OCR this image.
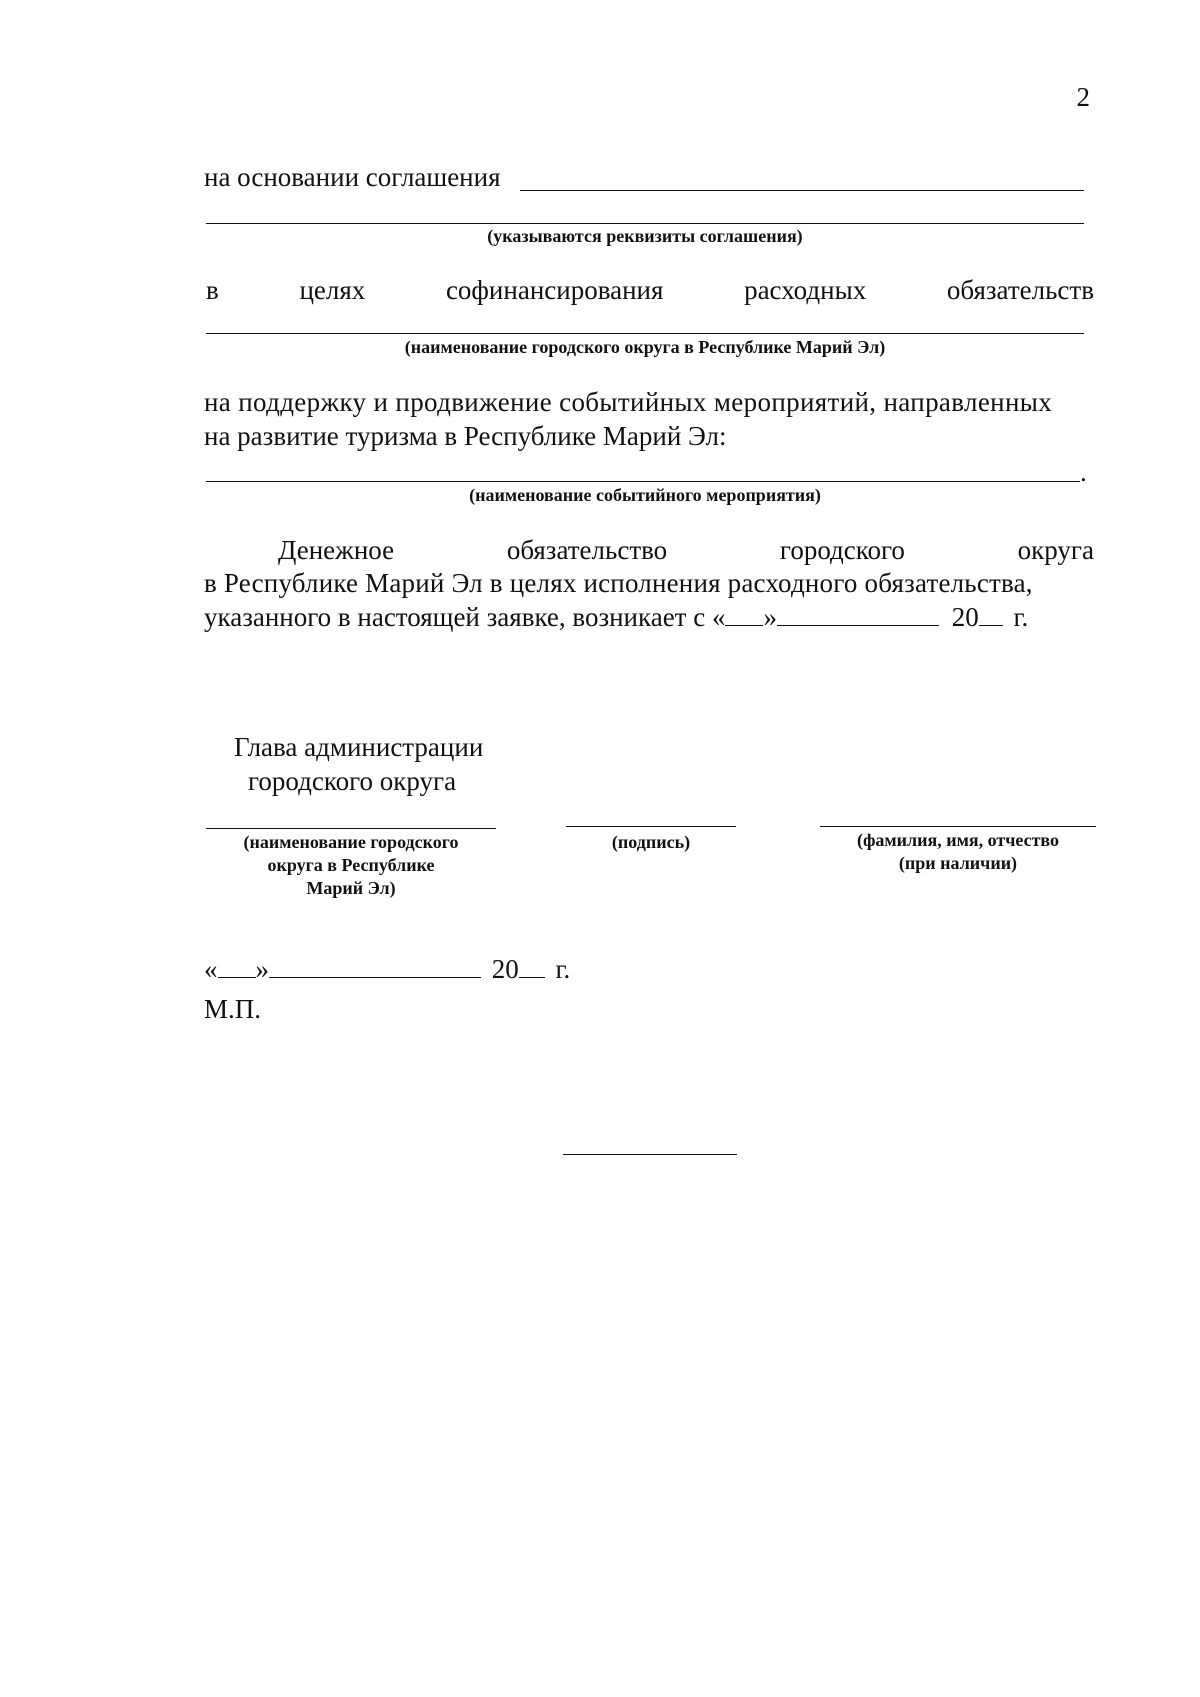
2
на основании соглашения
(указываются реквизиты соглашения)
в	целях	софинансирования	расходных	обязательств
(наименование городского округа в Республике Марий Эл)
на поддержку и продвижение событийных мероприятий, направленных
на развитие туризма в Республике Марий Эл:
.
(наименование событийного мероприятия)
Денежное	обязательство	городского	округа
в Республике Марий Эл в целях исполнения расходного обязательства,
указанного в настоящей заявке, возникает с « »	20 г.
Глава администрации
городского округа
(наименование городского
округа в Республике
Марий Эл)
(подпись)	(фамилия, имя, отчество
(при наличии)
« »	20 г.
М.П.
